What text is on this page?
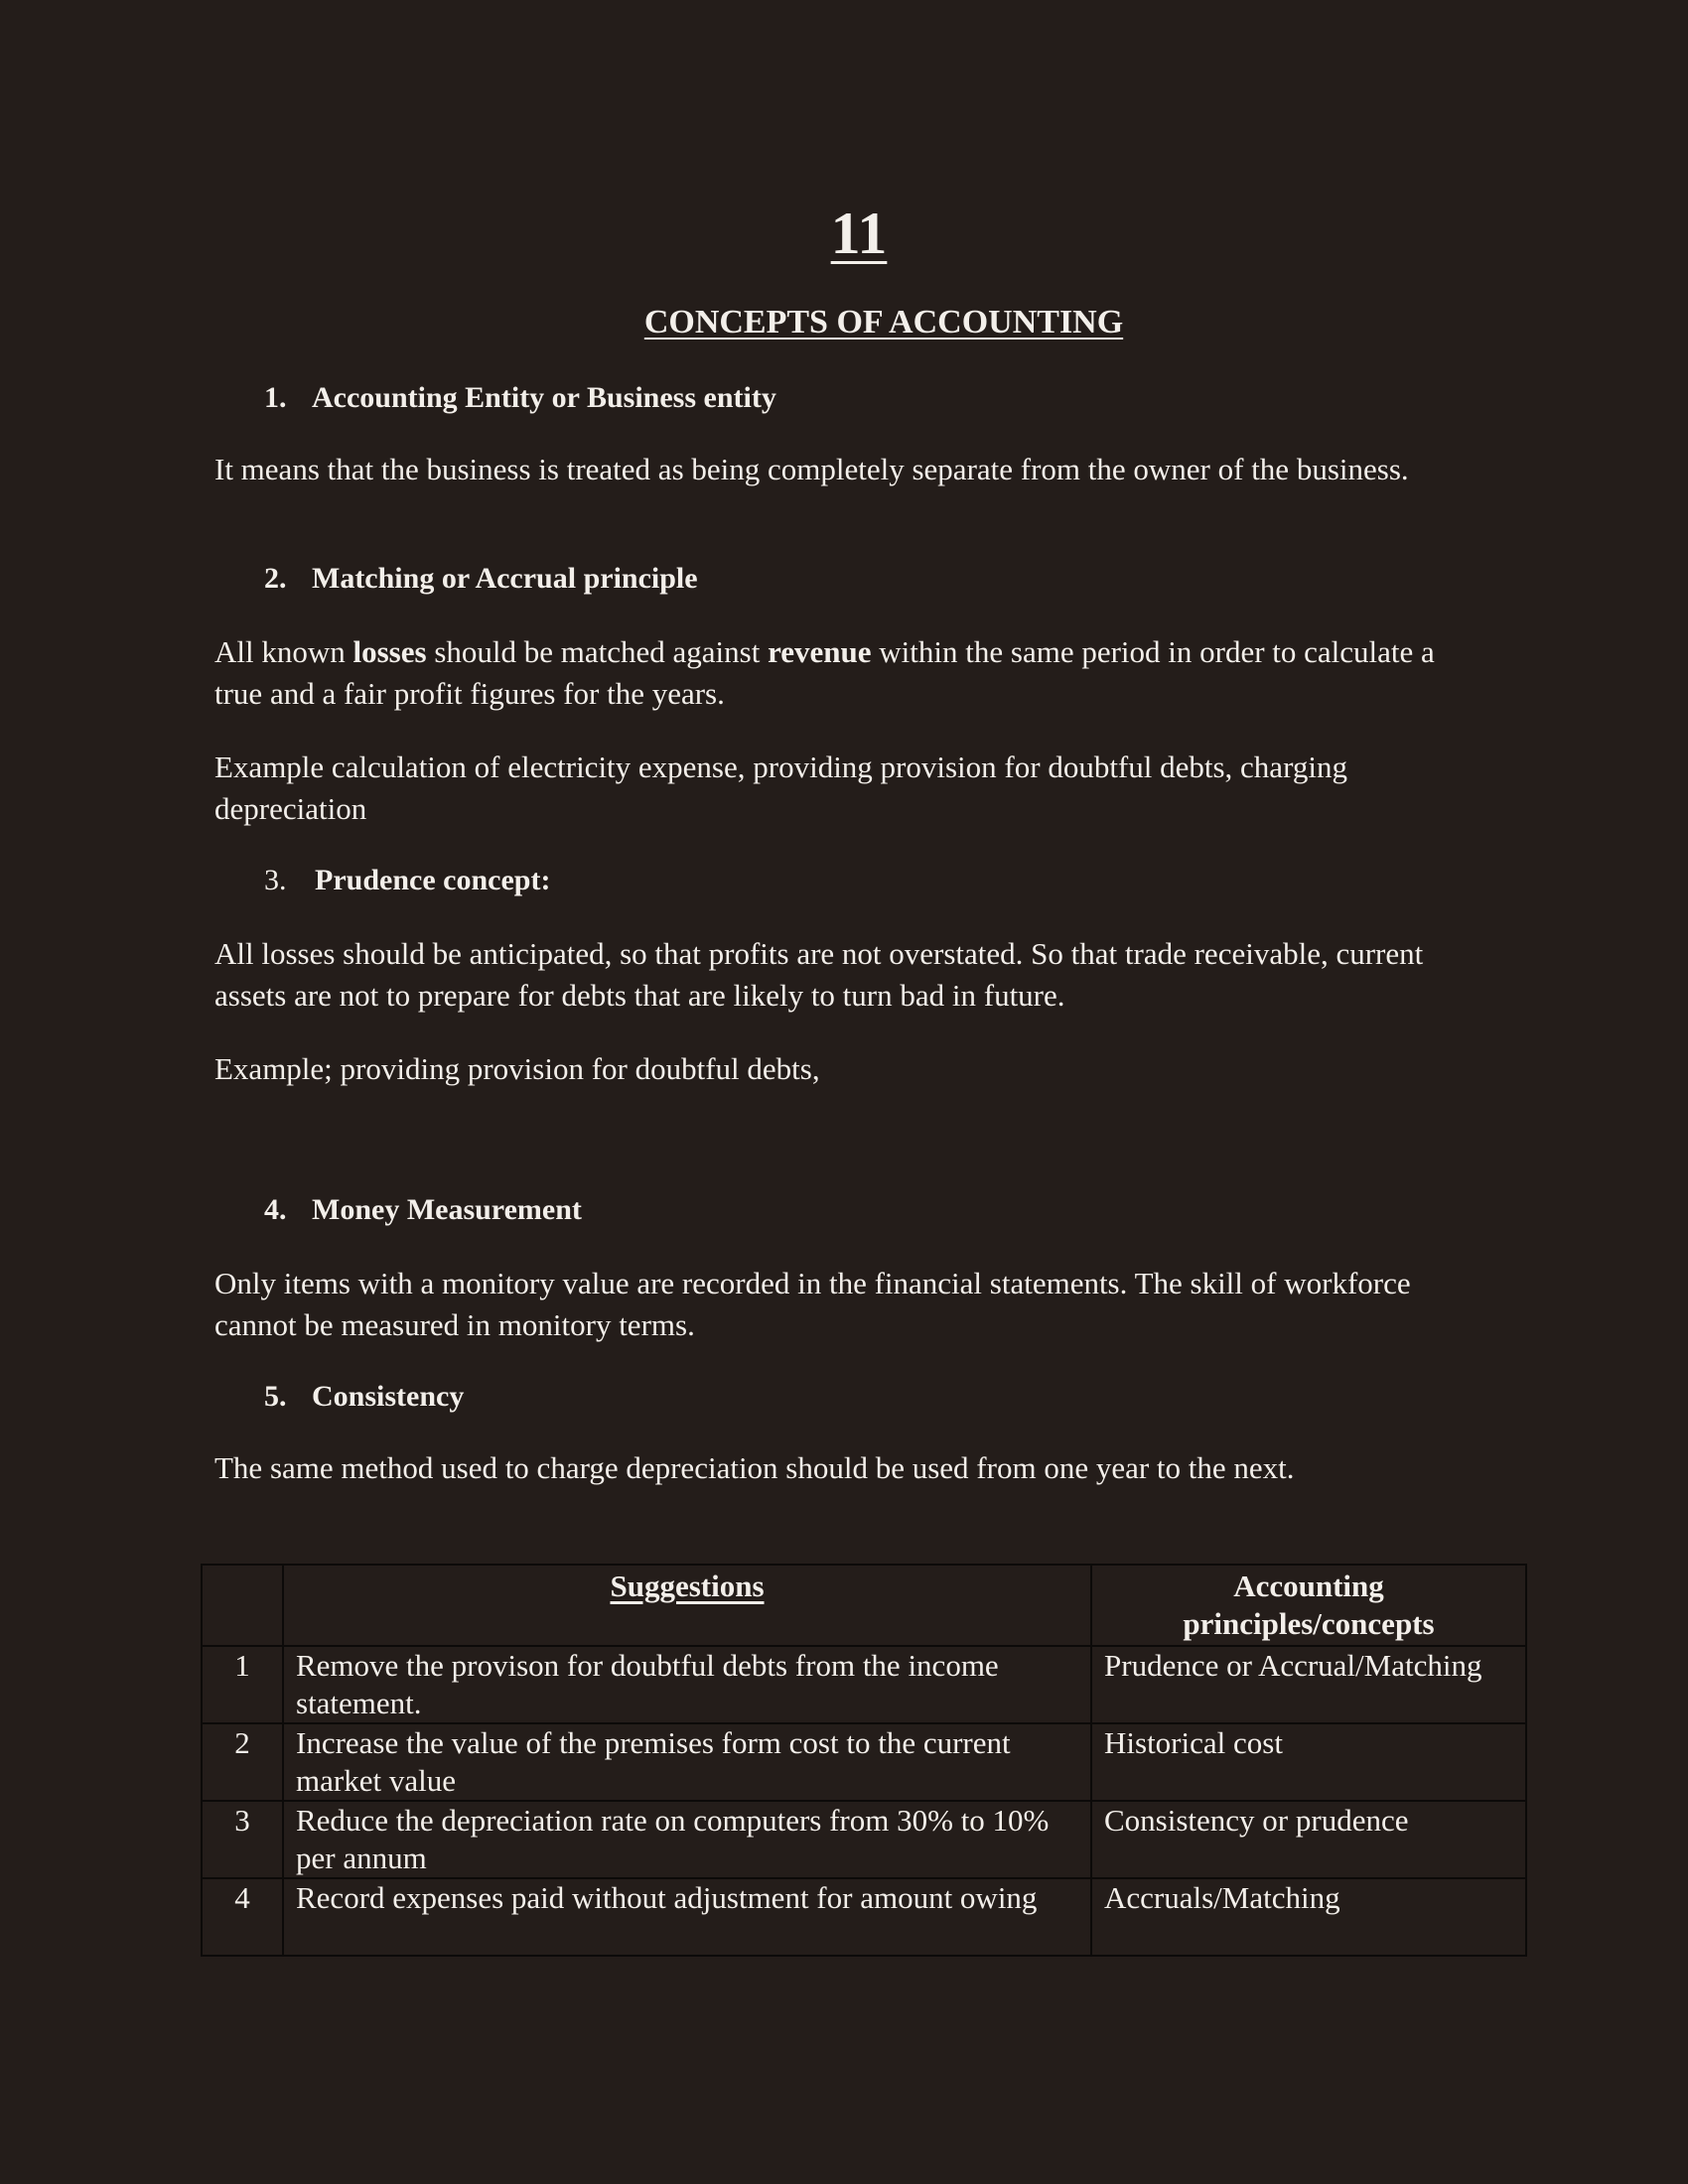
11
CONCEPTS OF ACCOUNTING
1. Accounting Entity or Business entity
It means that the business is treated as being completely separate from the owner of the business.
2. Matching or Accrual principle
All known losses should be matched against revenue within the same period in order to calculate a true and a fair profit figures for the years.
Example calculation of electricity expense, providing provision for doubtful debts, charging depreciation
3. Prudence concept:
All losses should be anticipated, so that profits are not overstated. So that trade receivable, current assets are not to prepare for debts that are likely to turn bad in future.
Example; providing provision for doubtful debts,
4. Money Measurement
Only items with a monitory value are recorded in the financial statements. The skill of workforce cannot be measured in monitory terms.
5. Consistency
The same method used to charge depreciation should be used from one year to the next.
	Suggestions	Accounting principles/concepts
1	Remove the provison for doubtful debts from the income statement.	Prudence or Accrual/Matching
2	Increase the value of the premises form cost to the current market value	Historical cost
3	Reduce the depreciation rate on computers from 30% to 10% per annum	Consistency or prudence
4	Record expenses paid without adjustment for amount owing	Accruals/Matching
